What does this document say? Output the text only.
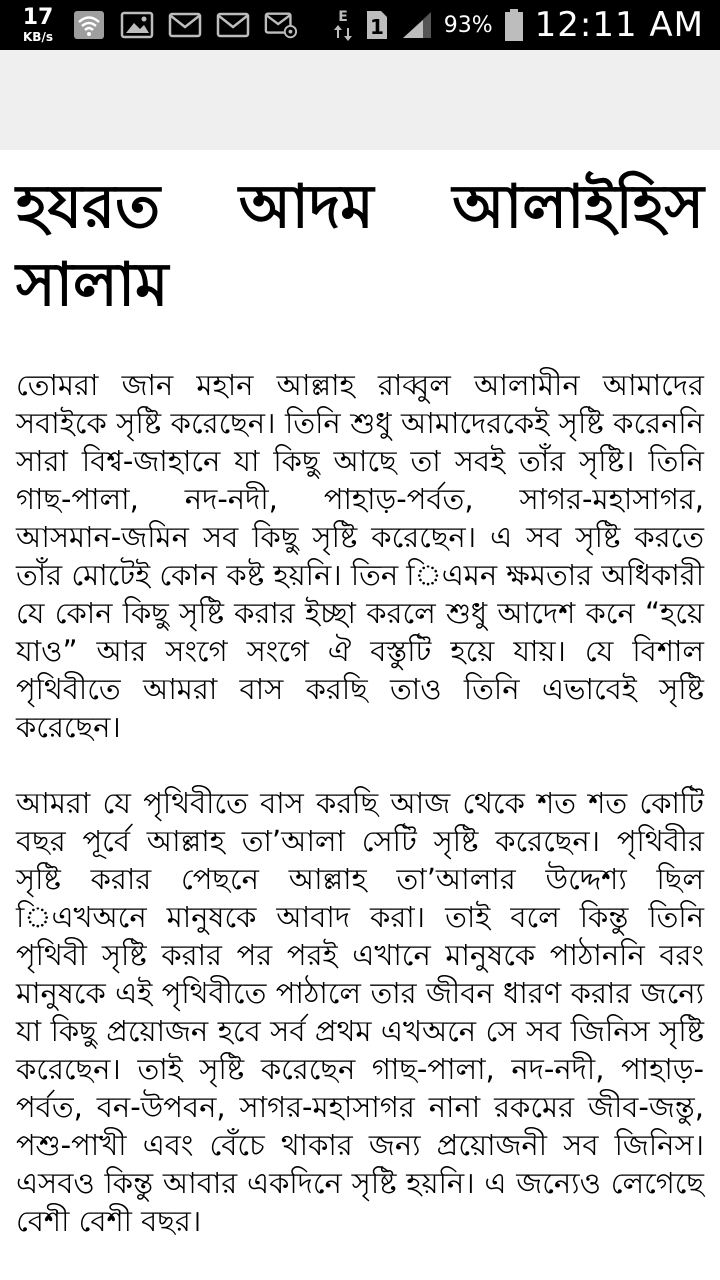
17
KB/s
E 1	93% 12:11 AM
হযরত আদম আলাইহিস সালাম

তোমরা জান মহান আল্লাহ রাব্বুল আলামীন আমাদের সবাইকে সৃষ্টি করেছেন। তিনি শুধু আমাদেরকেই সৃষ্টি করেননি সারা বিশ্ব-জাহানে যা কিছু আছে তা সবই তাঁর সৃষ্টি। তিনি গাছ-পালা, নদ-নদী, পাহাড়-পর্বত, সাগর-মহাসাগর, আসমান-জমিন সব কিছু সৃষ্টি করেছেন। এ সব সৃষ্টি করতে তাঁর মোটেই কোন কষ্ট হয়নি। তিন িএমন ক্ষমতার অধিকারী যে কোন কিছু সৃষ্টি করার ইচ্ছা করলে শুধু আদেশ কনে “হয়ে যাও” আর সংগে সংগে ঐ বস্তুটি হয়ে যায়। যে বিশাল পৃথিবীতে আমরা বাস করছি তাও তিনি এভাবেই সৃষ্টি করেছেন।

আমরা যে পৃথিবীতে বাস করছি আজ থেকে শত শত কোটি বছর পূর্বে আল্লাহ তা’আলা সেটি সৃষ্টি করেছেন। পৃথিবীর সৃষ্টি করার পেছনে আল্লাহ তা’আলার উদ্দেশ্য ছিল িএখঅনে মানুষকে আবাদ করা। তাই বলে কিন্তু তিনি পৃথিবী সৃষ্টি করার পর পরই এখানে মানুষকে পাঠাননি বরং মানুষকে এই পৃথিবীতে পাঠালে তার জীবন ধারণ করার জন্যে যা কিছু প্রয়োজন হবে সর্ব প্রথম এখঅনে সে সব জিনিস সৃষ্টি করেছেন। তাই সৃষ্টি করেছেন গাছ-পালা, নদ-নদী, পাহাড়-পর্বত, বন-উপবন, সাগর-মহাসাগর নানা রকমের জীব-জন্তু, পশু-পাখী এবং বেঁচে থাকার জন্য প্রয়োজনী সব জিনিস। এসবও কিন্তু আবার একদিনে সৃষ্টি হয়নি। এ জন্যেও লেগেছে বেশী বেশী বছর।
